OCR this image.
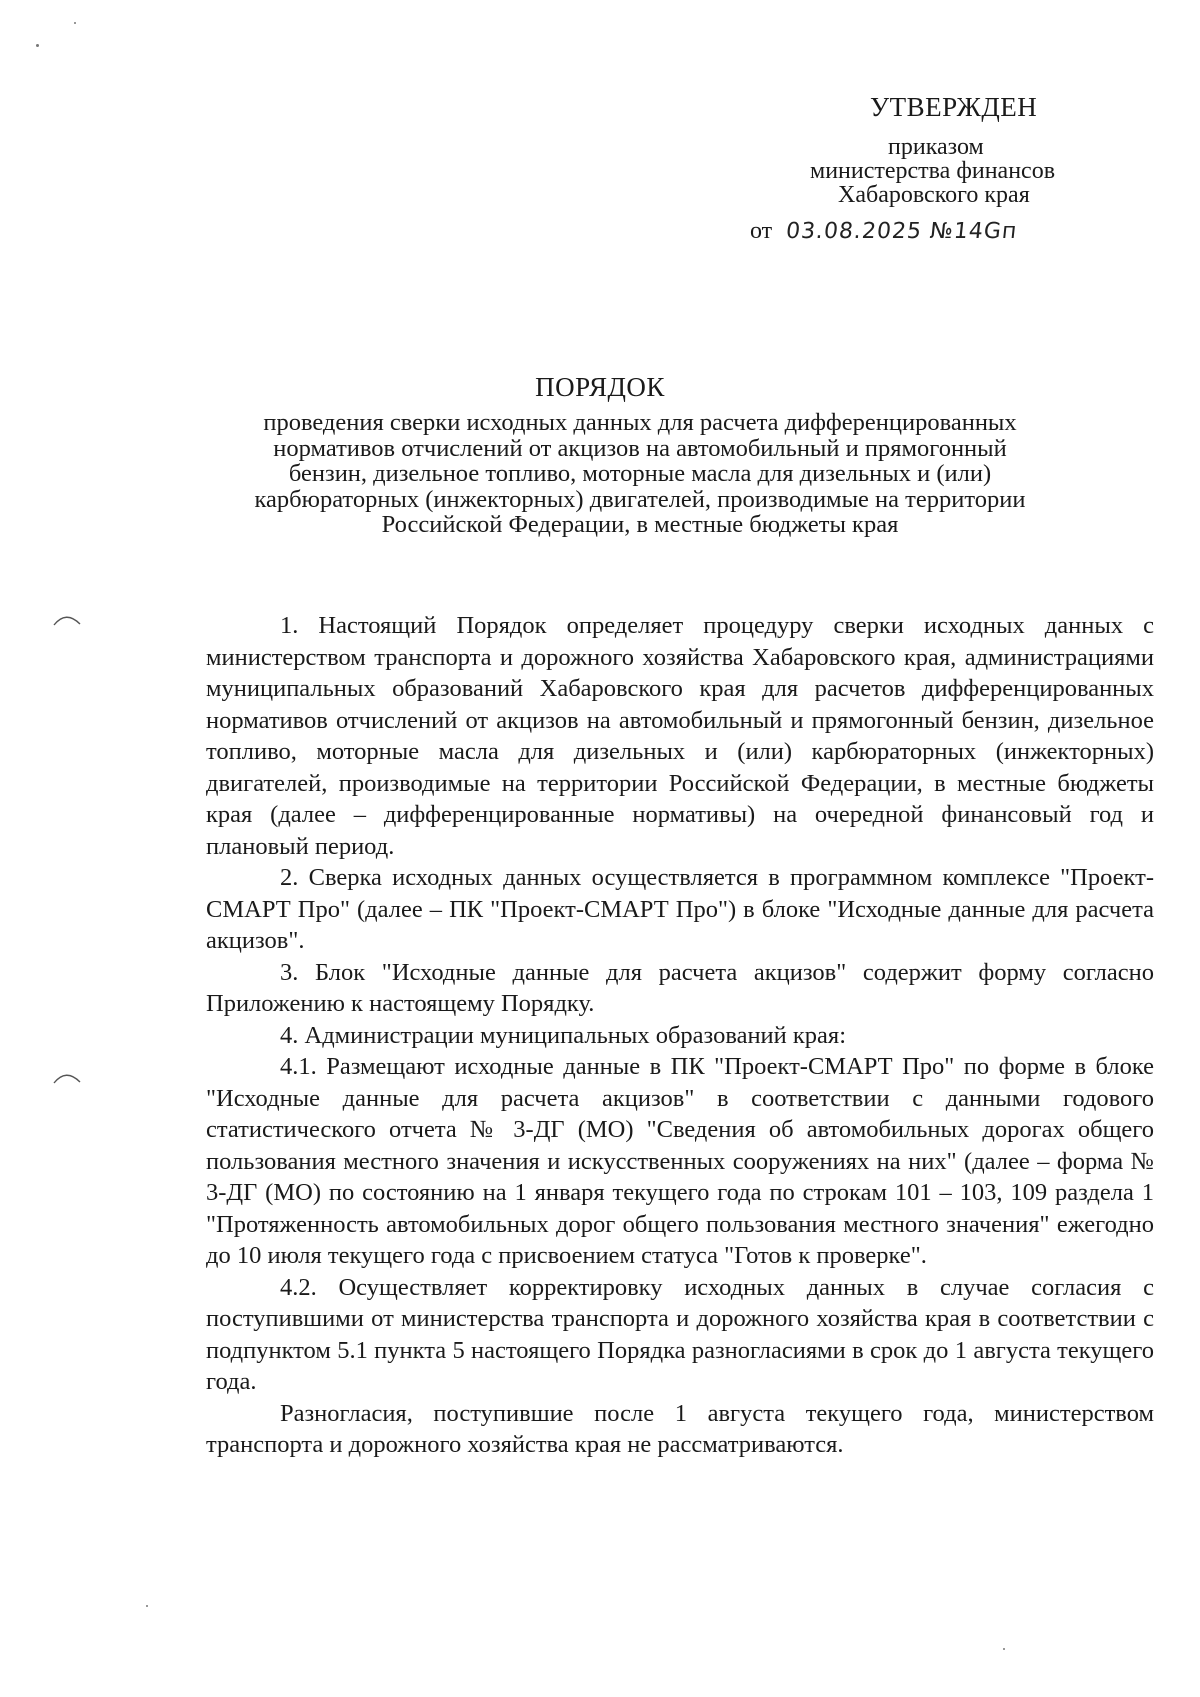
УТВЕРЖДЕН
приказом
министерства финансов
Хабаровского края
от 03.08.2025 №14Gп
ПОРЯДОК
проведения сверки исходных данных для расчета дифференцированных
нормативов отчислений от акцизов на автомобильный и прямогонный
бензин, дизельное топливо, моторные масла для дизельных и (или)
карбюраторных (инжекторных) двигателей, производимые на территории
Российской Федерации, в местные бюджеты края

1. Настоящий Порядок определяет процедуру сверки исходных данных с министерством транспорта и дорожного хозяйства Хабаровского края, администрациями муниципальных образований Хабаровского края для расчетов дифференцированных нормативов отчислений от акцизов на автомобильный и прямогонный бензин, дизельное топливо, моторные масла для дизельных и (или) карбюраторных (инжекторных) двигателей, производимые на территории Российской Федерации, в местные бюджеты края (далее – дифференцированные нормативы) на очередной финансовый год и плановый период.

2. Сверка исходных данных осуществляется в программном комплексе "Проект-СМАРТ Про" (далее – ПК "Проект-СМАРТ Про") в блоке "Исходные данные для расчета акцизов".

3. Блок "Исходные данные для расчета акцизов" содержит форму согласно Приложению к настоящему Порядку.

4. Администрации муниципальных образований края:

4.1. Размещают исходные данные в ПК "Проект-СМАРТ Про" по форме в блоке "Исходные данные для расчета акцизов" в соответствии с данными годового статистического отчета № 3-ДГ (МО) "Сведения об автомобильных дорогах общего пользования местного значения и искусственных сооружениях на них" (далее – форма № 3-ДГ (МО) по состоянию на 1 января текущего года по строкам 101 – 103, 109 раздела 1 "Протяженность автомобильных дорог общего пользования местного значения" ежегодно до 10 июля текущего года с присвоением статуса "Готов к проверке".

4.2. Осуществляет корректировку исходных данных в случае согласия с поступившими от министерства транспорта и дорожного хозяйства края в соответствии с подпунктом 5.1 пункта 5 настоящего Порядка разногласиями в срок до 1 августа текущего года.

Разногласия, поступившие после 1 августа текущего года, министерством транспорта и дорожного хозяйства края не рассматриваются.
